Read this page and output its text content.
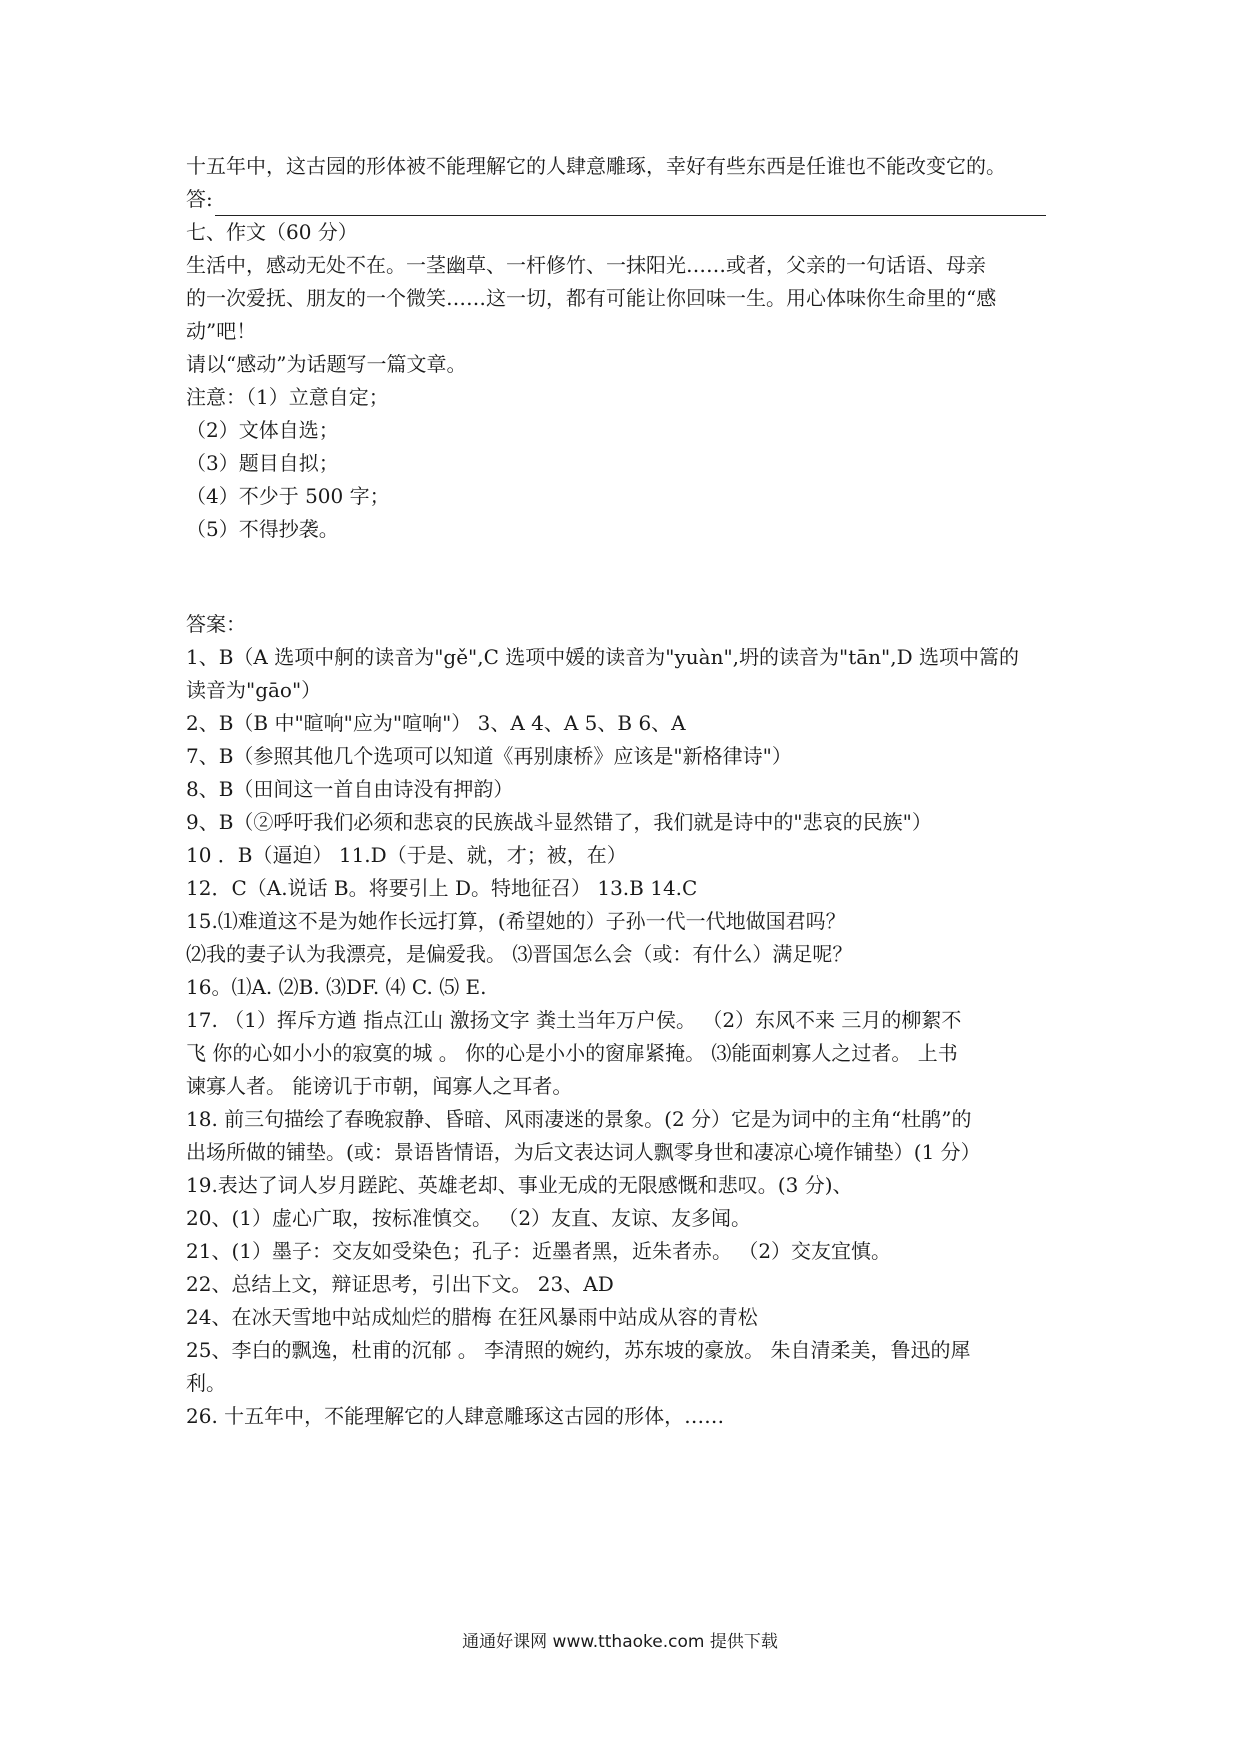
十五年中，这古园的形体被不能理解它的人肆意雕琢，幸好有些东西是任谁也不能改变它的。

答:

七、作文（60 分）

生活中，感动无处不在。一茎幽草、一杆修竹、一抹阳光……或者，父亲的一句话语、母亲

的一次爱抚、朋友的一个微笑……这一切，都有可能让你回味一生。用心体味你生命里的“感

动”吧！

请以“感动”为话题写一篇文章。

注意：（1）立意自定；

（2）文体自选；

（3）题目自拟；

（4）不少于 500 字；

（5）不得抄袭。

答案：

1、B（A 选项中舸的读音为"gě",C 选项中媛的读音为"yuàn",坍的读音为"tān",D 选项中篙的

读音为"gāo"）

2、B（B 中"暄响"应为"喧响"） 3、A 4、A 5、B 6、A

7、B（参照其他几个选项可以知道《再别康桥》应该是"新格律诗"）

8、B（田间这一首自由诗没有押韵）

9、B（②呼吁我们必须和悲哀的民族战斗显然错了，我们就是诗中的"悲哀的民族"）

10 ．B（逼迫） 11.D（于是、就，才；被，在）

12．C（A.说话 B。将要引上 D。特地征召） 13.B 14.C

15.⑴难道这不是为她作长远打算，(希望她的）子孙一代一代地做国君吗？

⑵我的妻子认为我漂亮，是偏爱我。 ⑶晋国怎么会（或：有什么）满足呢？

16。⑴A. ⑵B. ⑶DF. ⑷ C. ⑸ E.

17. （1）挥斥方遒 指点江山 激扬文字 粪土当年万户侯。 （2）东风不来 三月的柳絮不

飞 你的心如小小的寂寞的城 。 你的心是小小的窗扉紧掩。 ⑶能面刺寡人之过者。 上书

谏寡人者。 能谤讥于市朝，闻寡人之耳者。

18. 前三句描绘了春晚寂静、昏暗、风雨凄迷的景象。(2 分）它是为词中的主角“杜鹃”的

出场所做的铺垫。(或：景语皆情语，为后文表达词人飘零身世和凄凉心境作铺垫）(1 分）

19.表达了词人岁月蹉跎、英雄老却、事业无成的无限感慨和悲叹。(3 分)、

20、(1）虚心广取，按标准慎交。 （2）友直、友谅、友多闻。

21、(1）墨子：交友如受染色；孔子：近墨者黑，近朱者赤。 （2）交友宜慎。

22、总结上文，辩证思考，引出下文。 23、AD

24、在冰天雪地中站成灿烂的腊梅 在狂风暴雨中站成从容的青松

25、李白的飘逸，杜甫的沉郁 。 李清照的婉约，苏东坡的豪放。 朱自清柔美，鲁迅的犀

利。

26. 十五年中，不能理解它的人肆意雕琢这古园的形体，……

通通好课网 www.tthaoke.com 提供下载
